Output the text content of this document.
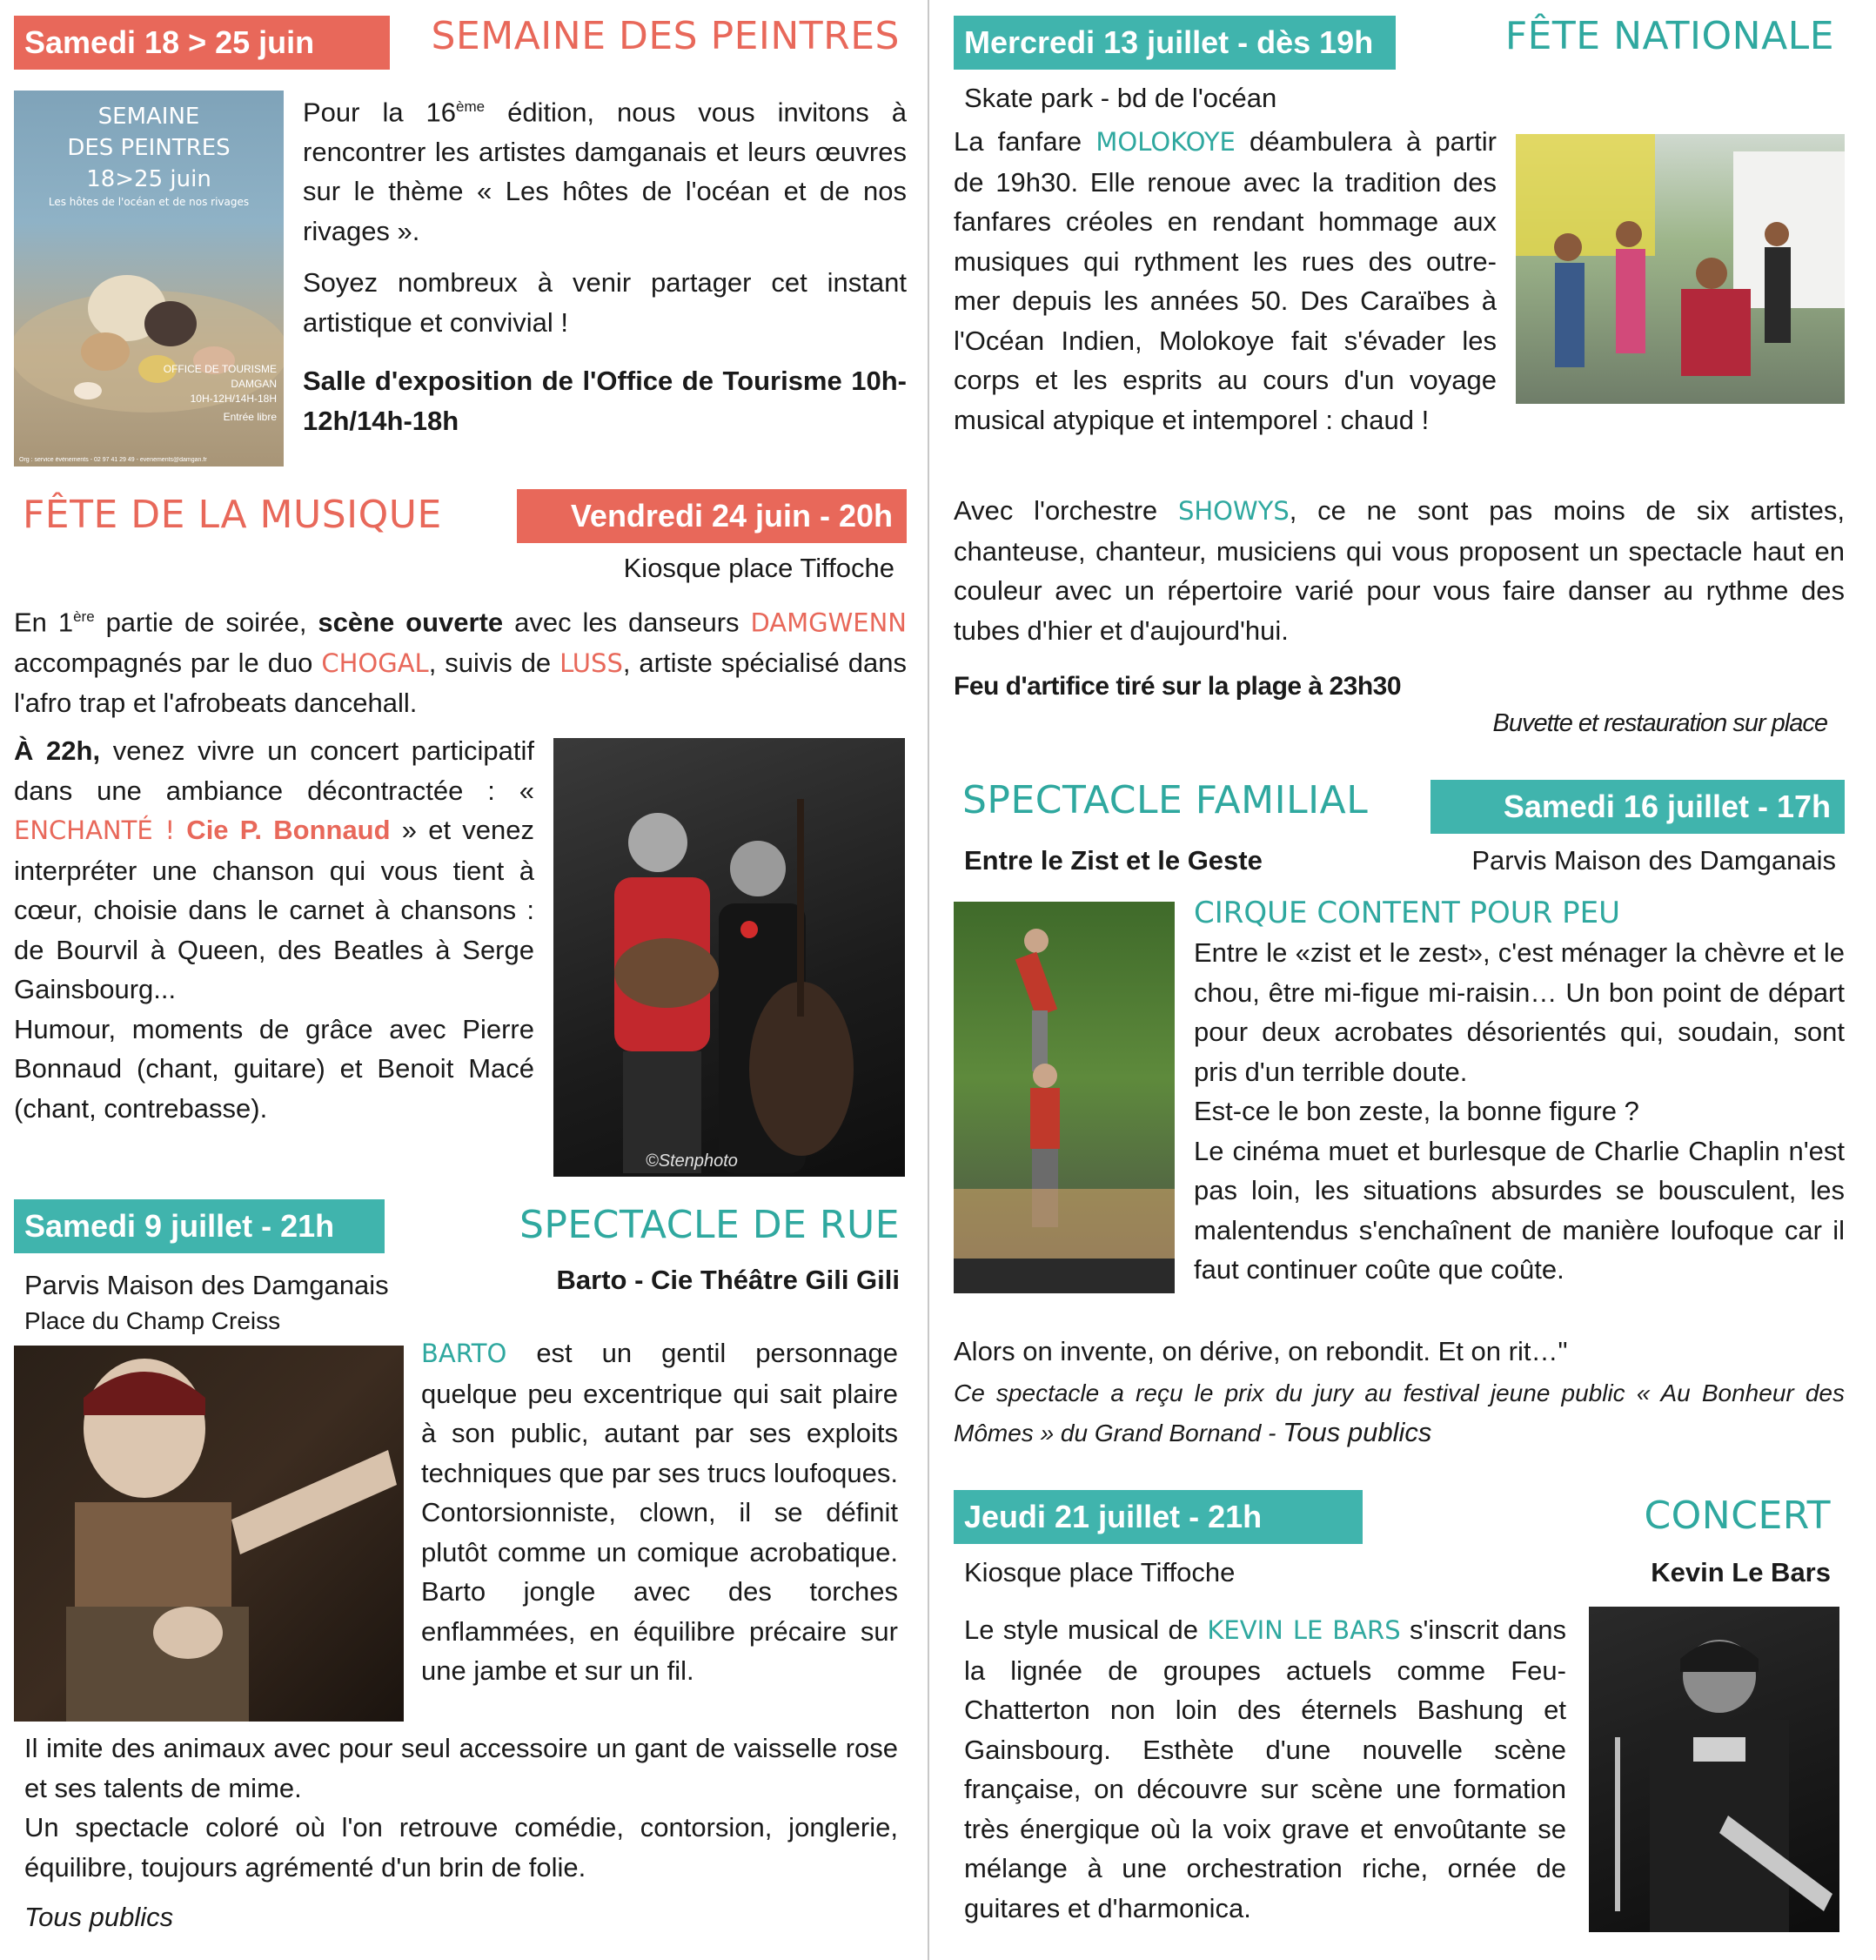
Samedi 18 > 25 juin	SEMAINE DES PEINTRES
SEMAINE
DES PEINTRES
18>25 juin
Les hôtes de l'océan et de nos rivages
OFFICE DE TOURISME
DAMGAN
10H-12H/14H-18H
Entrée libre
Org : service événements - 02 97 41 29 49 - evenements@damgan.fr

Pour la 16ème édition, nous vous invitons à rencontrer les artistes damganais et leurs œuvres sur le thème « Les hôtes de l'océan et de nos rivages ».

Soyez nombreux à venir partager cet instant artistique et convivial !

Salle d'exposition de l'Office de Tourisme 10h-12h/14h-18h

FÊTE DE LA MUSIQUE	Vendredi 24 juin - 20h
Kiosque place Tiffoche

En 1ère partie de soirée, scène ouverte avec les danseurs DAMGWENN accompagnés par le duo CHOGAL, suivis de LUSS, artiste spécialisé dans l'afro trap et l'afrobeats dancehall.

À 22h, venez vivre un concert participatif dans une ambiance décontractée : « ENCHANTÉ ! Cie P. Bonnaud » et venez interpréter une chanson qui vous tient à cœur, choisie dans le carnet à chansons : de Bourvil à Queen, des Beatles à Serge Gainsbourg...

Humour, moments de grâce avec Pierre Bonnaud (chant, guitare) et Benoit Macé (chant, contrebasse).

©Stenphoto
Samedi 9 juillet - 21h	SPECTACLE DE RUE
Parvis Maison des Damganais	Barto - Cie Théâtre Gili Gili
Place du Champ Creiss

BARTO est un gentil personnage quelque peu excentrique qui sait plaire à son public, autant par ses exploits techniques que par ses trucs loufoques. Contorsionniste, clown, il se définit plutôt comme un comique acrobatique. Barto jongle avec des torches enflammées, en équilibre précaire sur une jambe et sur un fil.

Il imite des animaux avec pour seul accessoire un gant de vaisselle rose et ses talents de mime.

Un spectacle coloré où l'on retrouve comédie, contorsion, jonglerie, équilibre, toujours agrémenté d'un brin de folie.

Tous publics

Mercredi 13 juillet - dès 19h	FÊTE NATIONALE
Skate park - bd de l'océan

La fanfare MOLOKOYE déambulera à partir de 19h30. Elle renoue avec la tradition des fanfares créoles en rendant hommage aux musiques qui rythment les rues des outre-mer depuis les années 50. Des Caraïbes à l'Océan Indien, Molokoye fait s'évader les corps et les esprits au cours d'un voyage musical atypique et intemporel : chaud !

Avec l'orchestre SHOWYS, ce ne sont pas moins de six artistes, chanteuse, chanteur, musiciens qui vous proposent un spectacle haut en couleur avec un répertoire varié pour vous faire danser au rythme des tubes d'hier et d'aujourd'hui.

Feu d'artifice tiré sur la plage à 23h30
Buvette et restauration sur place
SPECTACLE FAMILIAL	Samedi 16 juillet - 17h
Entre le Zist et le Geste	Parvis Maison des Damganais
CIRQUE CONTENT POUR PEU

Entre le «zist et le zest», c'est ménager la chèvre et le chou, être mi-figue mi-raisin… Un bon point de départ pour deux acrobates désorientés qui, soudain, sont pris d'un terrible doute.

Est-ce le bon zeste, la bonne figure ?

Le cinéma muet et burlesque de Charlie Chaplin n'est pas loin, les situations absurdes se bousculent, les malentendus s'enchaînent de manière loufoque car il faut continuer coûte que coûte.

Alors on invente, on dérive, on rebondit. Et on rit…"

Ce spectacle a reçu le prix du jury au festival jeune public « Au Bonheur des Mômes » du Grand Bornand - Tous publics

Jeudi 21 juillet - 21h	CONCERT
Kiosque place Tiffoche	Kevin Le Bars

Le style musical de KEVIN LE BARS s'inscrit dans la lignée de groupes actuels comme Feu-Chatterton non loin des éternels Bashung et Gainsbourg. Esthète d'une nouvelle scène française, on découvre sur scène une formation très énergique où la voix grave et envoûtante se mélange à une orchestration riche, ornée de guitares et d'harmonica.
